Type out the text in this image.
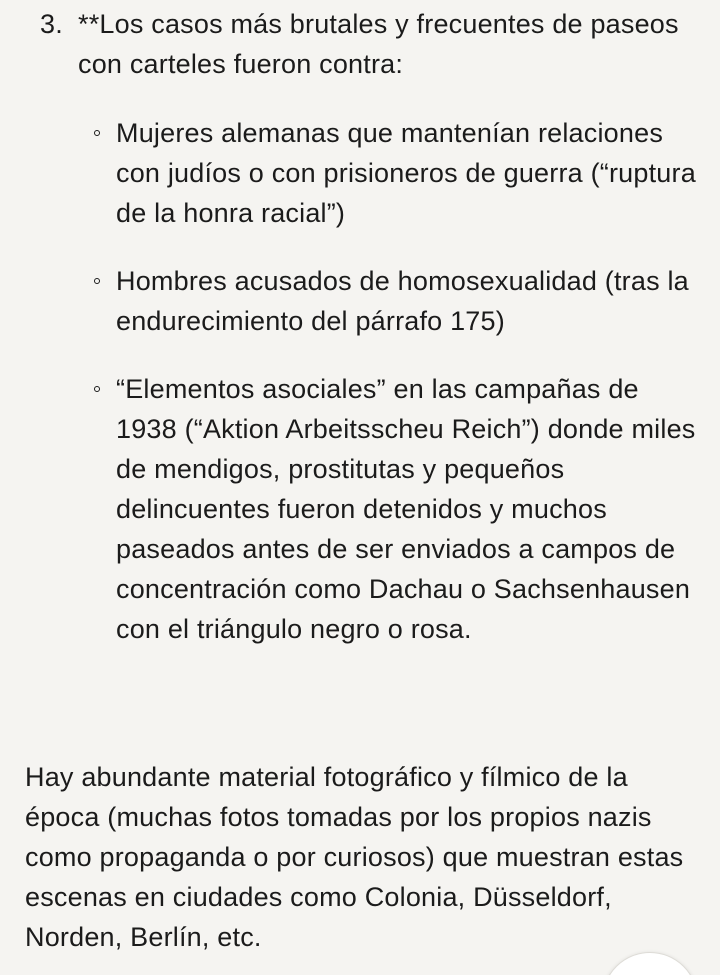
3. **Los casos más brutales y frecuentes de paseos con carteles fueron contra:
Mujeres alemanas que mantenían relaciones con judíos o con prisioneros de guerra (“ruptura de la honra racial”)
Hombres acusados de homosexualidad (tras la endurecimiento del párrafo 175)
“Elementos asociales” en las campañas de 1938 (“Aktion Arbeitsscheu Reich”) donde miles de mendigos, prostitutas y pequeños delincuentes fueron detenidos y muchos paseados antes de ser enviados a campos de concentración como Dachau o Sachsenhausen con el triángulo negro o rosa.
Hay abundante material fotográfico y fílmico de la época (muchas fotos tomadas por los propios nazis como propaganda o por curiosos) que muestran estas escenas en ciudades como Colonia, Düsseldorf, Norden, Berlín, etc.
